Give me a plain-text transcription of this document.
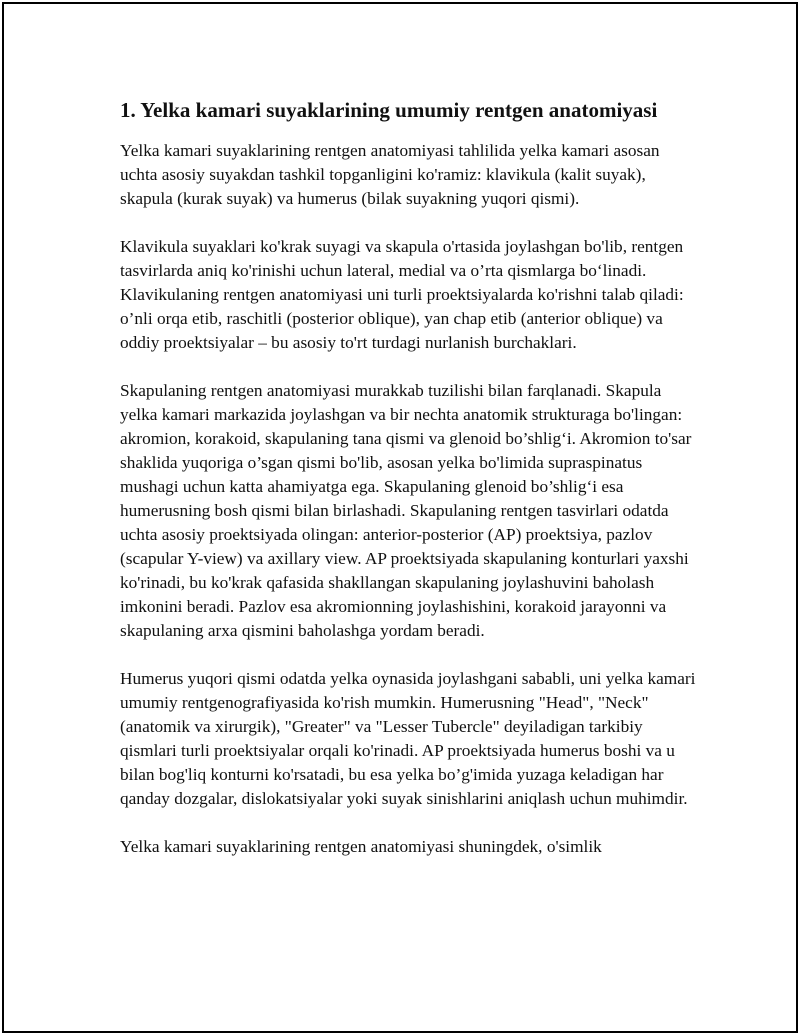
1. Yelka kamari suyaklarining umumiy rentgen anatomiyasi

Yelka kamari suyaklarining rentgen anatomiyasi tahlilida yelka kamari asosan uchta asosiy suyakdan tashkil topganligini ko'ramiz: klavikula (kalit suyak), skapula (kurak suyak) va humerus (bilak suyakning yuqori qismi).

Klavikula suyaklari ko'krak suyagi va skapula o'rtasida joylashgan bo'lib, rentgen tasvirlarda aniq ko'rinishi uchun lateral, medial va o’rta qismlarga bo‘linadi. Klavikulaning rentgen anatomiyasi uni turli proektsiyalarda ko'rishni talab qiladi: o’nli orqa etib, raschitli (posterior oblique), yan chap etib (anterior oblique) va oddiy proektsiyalar – bu asosiy to'rt turdagi nurlanish burchaklari.

Skapulaning rentgen anatomiyasi murakkab tuzilishi bilan farqlanadi. Skapula yelka kamari markazida joylashgan va bir nechta anatomik strukturaga bo'lingan: akromion, korakoid, skapulaning tana qismi va glenoid bo’shlig‘i. Akromion to'sar shaklida yuqoriga o’sgan qismi bo'lib, asosan yelka bo'limida supraspinatus mushagi uchun katta ahamiyatga ega. Skapulaning glenoid bo’shlig‘i esa humerusning bosh qismi bilan birlashadi. Skapulaning rentgen tasvirlari odatda uchta asosiy proektsiyada olingan: anterior-posterior (AP) proektsiya, pazlov (scapular Y-view) va axillary view. AP proektsiyada skapulaning konturlari yaxshi ko'rinadi, bu ko'krak qafasida shakllangan skapulaning joylashuvini baholash imkonini beradi. Pazlov esa akromionning joylashishini, korakoid jarayonni va skapulaning arxa qismini baholashga yordam beradi.

Humerus yuqori qismi odatda yelka oynasida joylashgani sababli, uni yelka kamari umumiy rentgenografiyasida ko'rish mumkin. Humerusning "Head", "Neck" (anatomik va xirurgik), "Greater" va "Lesser Tubercle" deyiladigan tarkibiy qismlari turli proektsiyalar orqali ko'rinadi. AP proektsiyada humerus boshi va u bilan bog'liq konturni ko'rsatadi, bu esa yelka bo’g'imida yuzaga keladigan har qanday dozgalar, dislokatsiyalar yoki suyak sinishlarini aniqlash uchun muhimdir.

Yelka kamari suyaklarining rentgen anatomiyasi shuningdek, o'simlik
